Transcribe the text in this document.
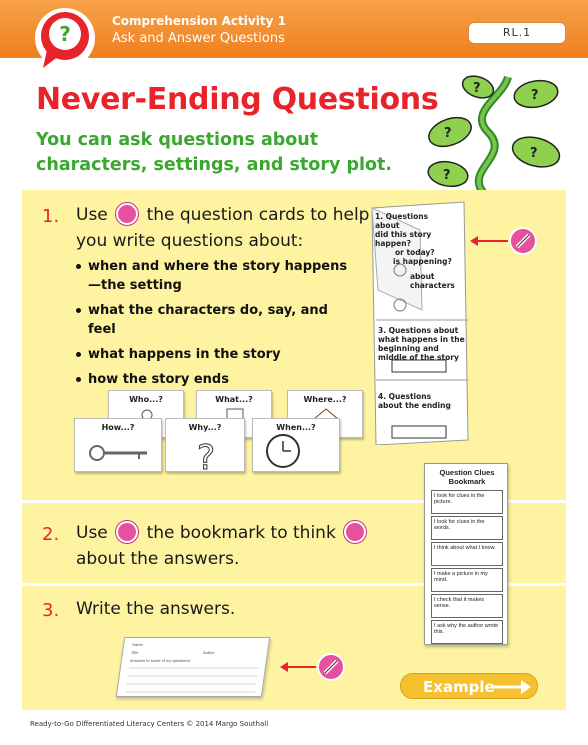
?
Comprehension Activity 1
Ask and Answer Questions	RL.1
Never-Ending Questions
You can ask questions about characters, settings, and story plot.
?
?
?
?
?
1. Use the question cards to help you write questions about:
when and where the story happens—the setting
what the characters do, say, and feel
what happens in the story
how the story ends
Who...?	What...?	Where...?
How...?	Why...?
?
When...?
1. Questions about
did this story happen?
or today?
is happening?
about
characters
3. Questions about what happens in the beginning and middle of the story
4. Questions about the ending
2. Use the bookmark to think
about the answers.
Question Clues Bookmark
I look for clues in the picture.
I look for clues in the words.
I think about what I know.
I make a picture in my mind.
I check that it makes sense.
I ask why the author wrote this.
3. Write the answers.
Name
Title	Author
Answers to some of my questions:
Example
Ready-to-Go Differentiated Literacy Centers © 2014 Margo Southall
